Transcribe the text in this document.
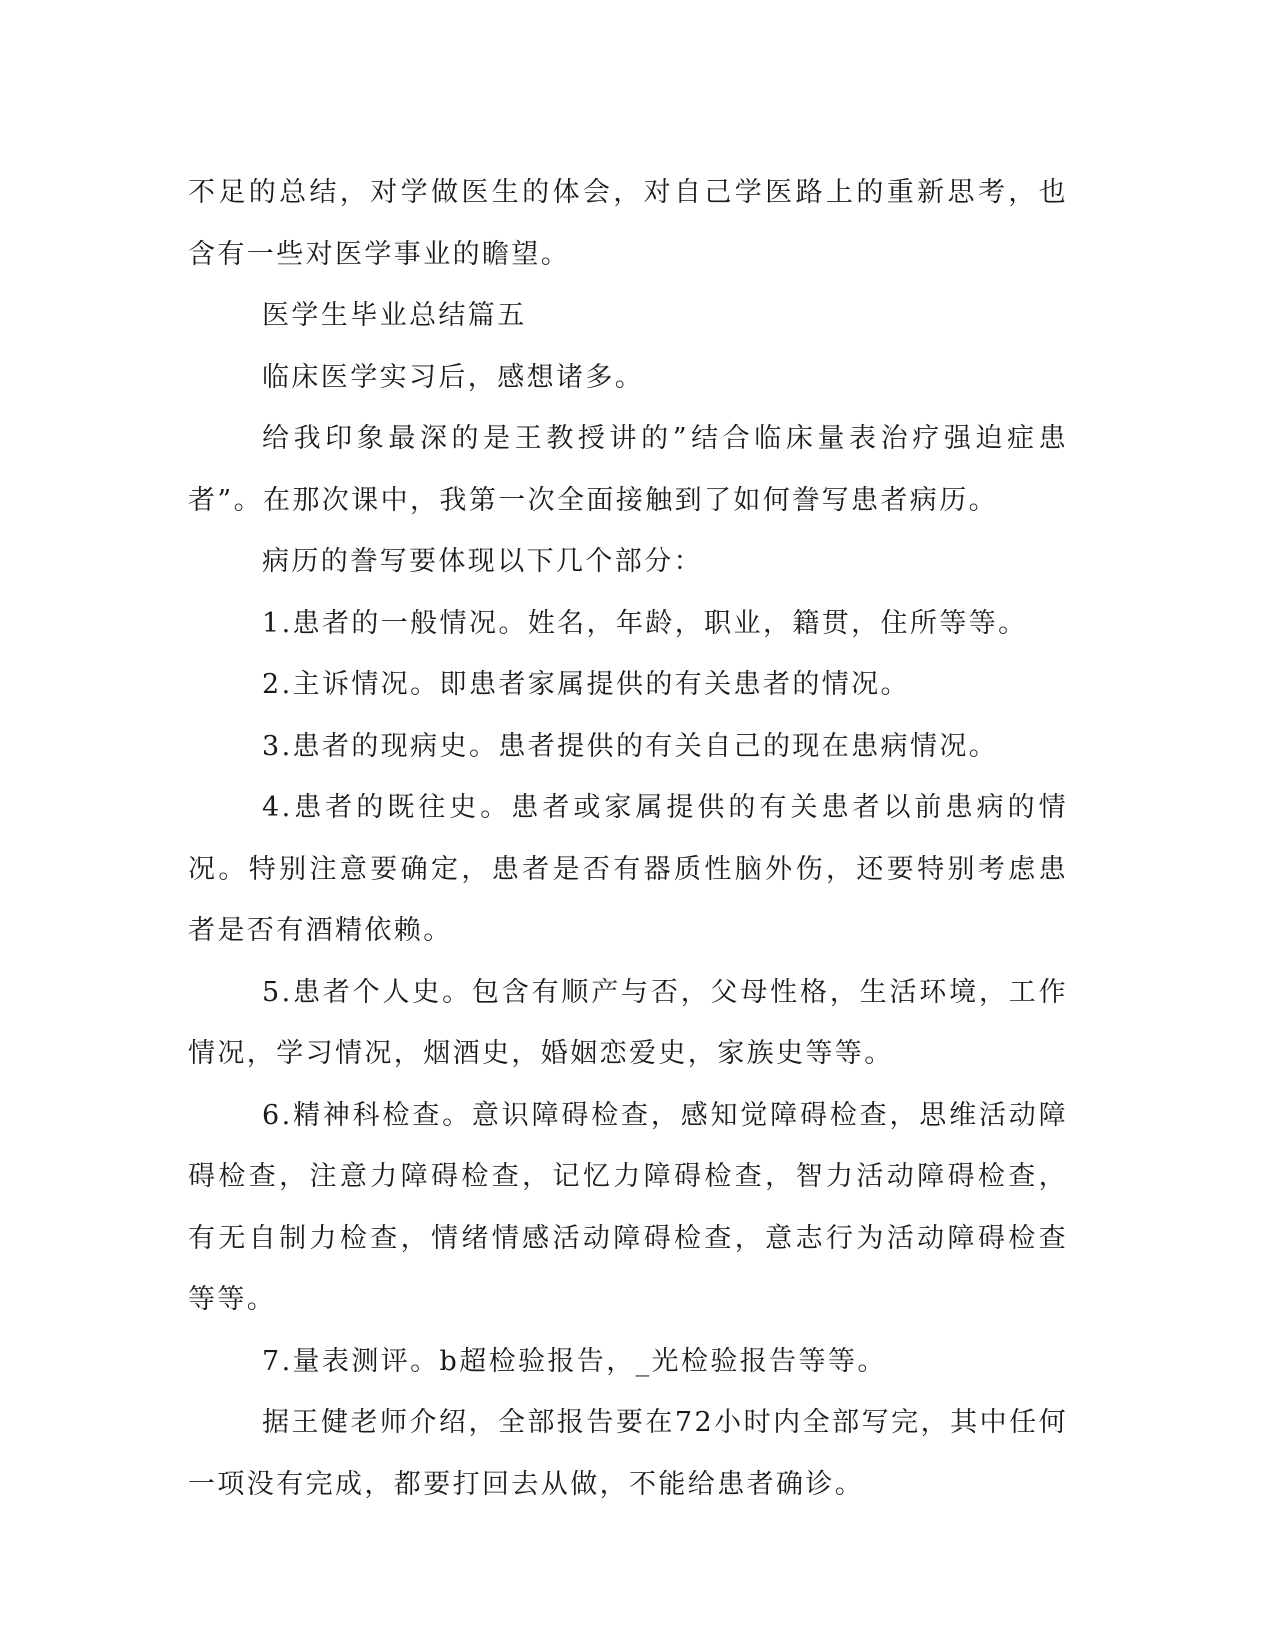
不足的总结，对学做医生的体会，对自己学医路上的重新思考，也含有一些对医学事业的瞻望。

医学生毕业总结篇五

临床医学实习后，感想诸多。

给我印象最深的是王教授讲的”结合临床量表治疗强迫症患者”。在那次课中，我第一次全面接触到了如何誊写患者病历。

病历的誊写要体现以下几个部分：

1.患者的一般情况。姓名，年龄，职业，籍贯，住所等等。

2.主诉情况。即患者家属提供的有关患者的情况。

3.患者的现病史。患者提供的有关自己的现在患病情况。

4.患者的既往史。患者或家属提供的有关患者以前患病的情况。特别注意要确定，患者是否有器质性脑外伤，还要特别考虑患者是否有酒精依赖。

5.患者个人史。包含有顺产与否，父母性格，生活环境，工作情况，学习情况，烟酒史，婚姻恋爱史，家族史等等。

6.精神科检查。意识障碍检查，感知觉障碍检查，思维活动障碍检查，注意力障碍检查，记忆力障碍检查，智力活动障碍检查，有无自制力检查，情绪情感活动障碍检查，意志行为活动障碍检查等等。

7.量表测评。b超检验报告，_光检验报告等等。

据王健老师介绍，全部报告要在72小时内全部写完，其中任何一项没有完成，都要打回去从做，不能给患者确诊。
